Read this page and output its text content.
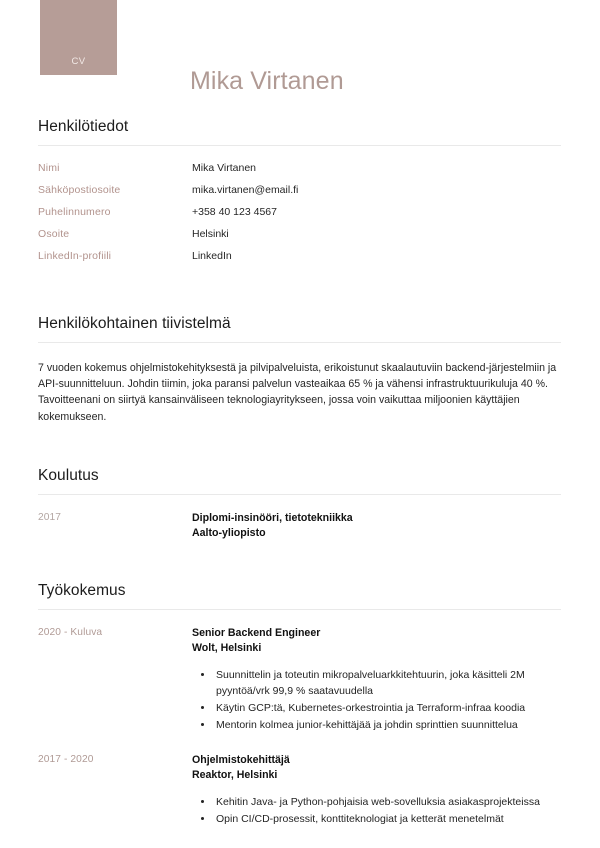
CV
Mika Virtanen
Henkilötiedot
Nimi	Mika Virtanen
Sähköpostiosoite	mika.virtanen@email.fi
Puhelinnumero	+358 40 123 4567
Osoite	Helsinki
LinkedIn-profiili	LinkedIn
Henkilökohtainen tiivistelmä

7 vuoden kokemus ohjelmistokehityksestä ja pilvipalveluista, erikoistunut skaalautuviin backend-järjestelmiin ja API-suunnitteluun. Johdin tiimin, joka paransi palvelun vasteaikaa 65 % ja vähensi infrastruktuurikuluja 40 %. Tavoitteenani on siirtyä kansainväliseen teknologiayritykseen, jossa voin vaikuttaa miljoonien käyttäjien kokemukseen.

Koulutus
2017	Diplomi-insinööri, tietotekniikka
Aalto-yliopisto
Työkokemus
2020 - Kuluva	Senior Backend Engineer
Wolt, Helsinki
• Suunnittelin ja toteutin mikropalveluarkkitehtuurin, joka käsitteli 2M pyyntöä/vrk 99,9 % saatavuudella
• Käytin GCP:tä, Kubernetes-orkestrointia ja Terraform-infraa koodia
• Mentorin kolmea junior-kehittäjää ja johdin sprinttien suunnittelua
2017 - 2020	Ohjelmistokehittäjä
Reaktor, Helsinki
• Kehitin Java- ja Python-pohjaisia web-sovelluksia asiakasprojekteissa
• Opin CI/CD-prosessit, konttiteknologiat ja ketterät menetelmät
